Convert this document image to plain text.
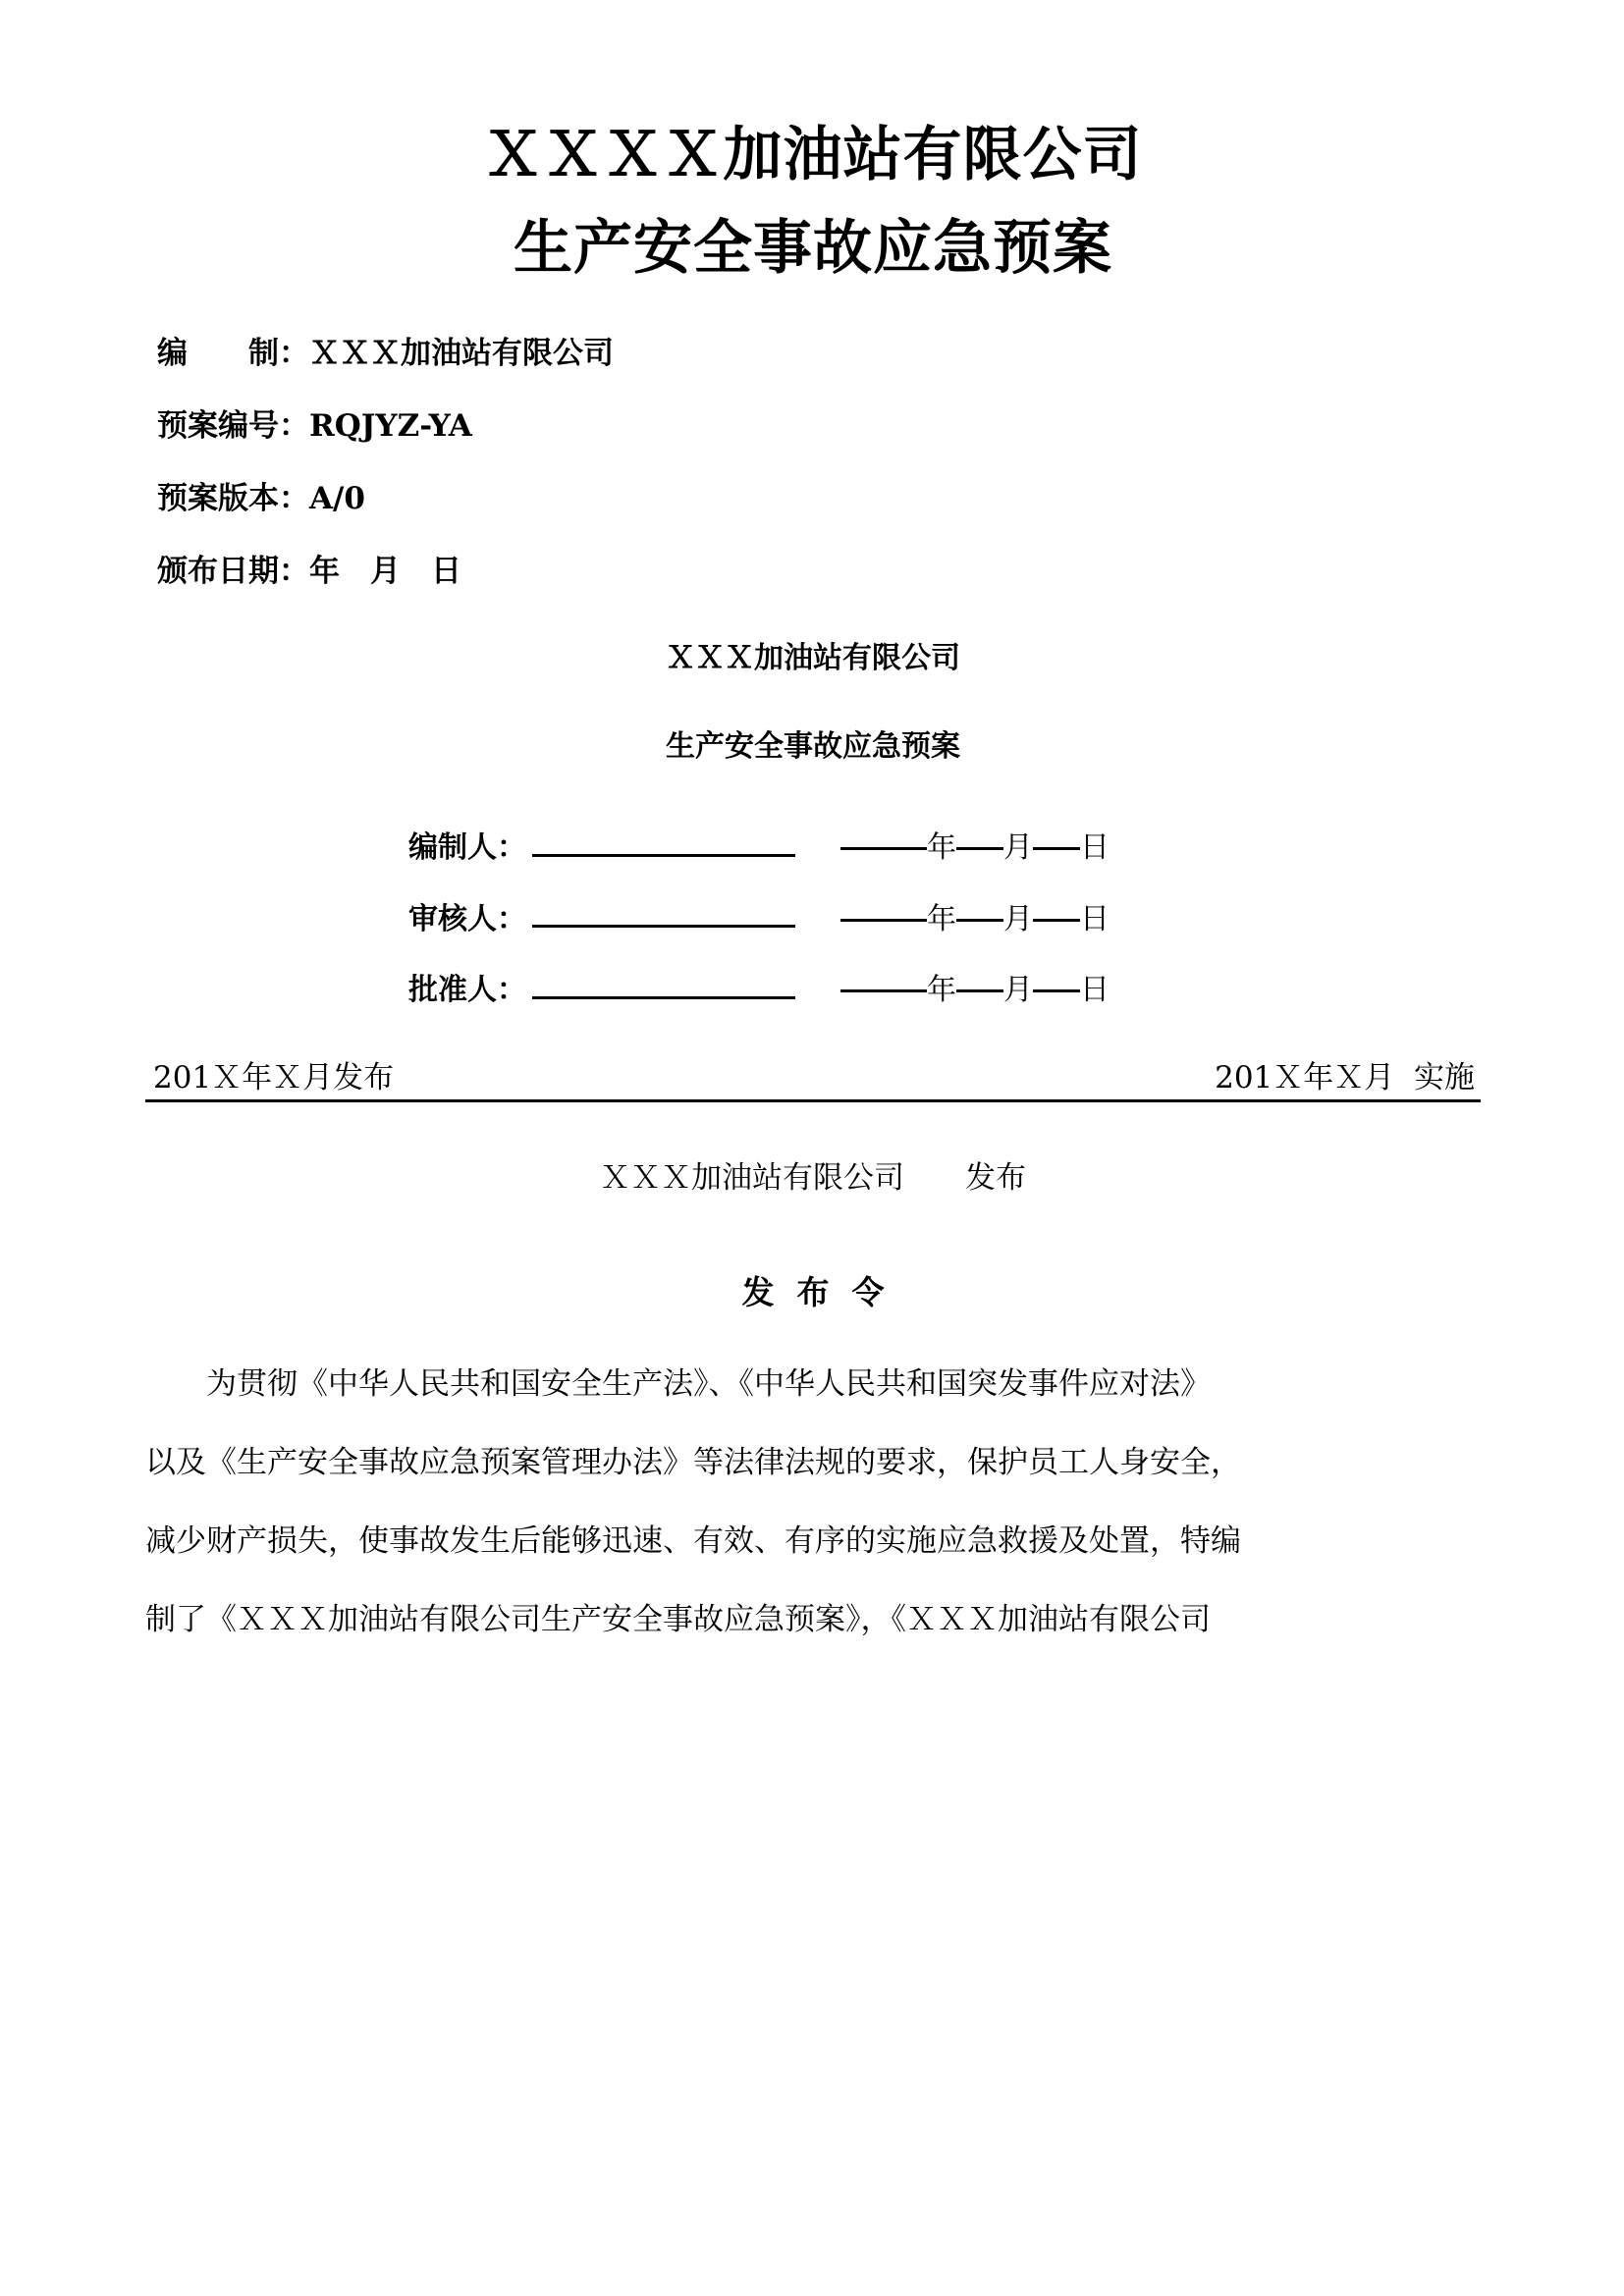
ＸＸＸＸ加油站有限公司
生产安全事故应急预案
编　　制：ＸＸＸ加油站有限公司
预案编号：RQJYZ-YA
预案版本：A/0
颁布日期：年　月　日
ＸＸＸ加油站有限公司
生产安全事故应急预案
编制人：	年 月 日
审核人：	年 月 日
批准人：	年 月 日

201Ｘ年Ｘ月发布

	201Ｘ年Ｘ月  实施

ＸＸＸ加油站有限公司　　发布
发  布  令
为贯彻《中华人民共和国安全生产法》、《中华人民共和国突发事件应对法》
以及《生产安全事故应急预案管理办法》等法律法规的要求，保护员工人身安全，
减少财产损失，使事故发生后能够迅速、有效、有序的实施应急救援及处置，特编
制了《ＸＸＸ加油站有限公司生产安全事故应急预案》，《ＸＸＸ加油站有限公司
